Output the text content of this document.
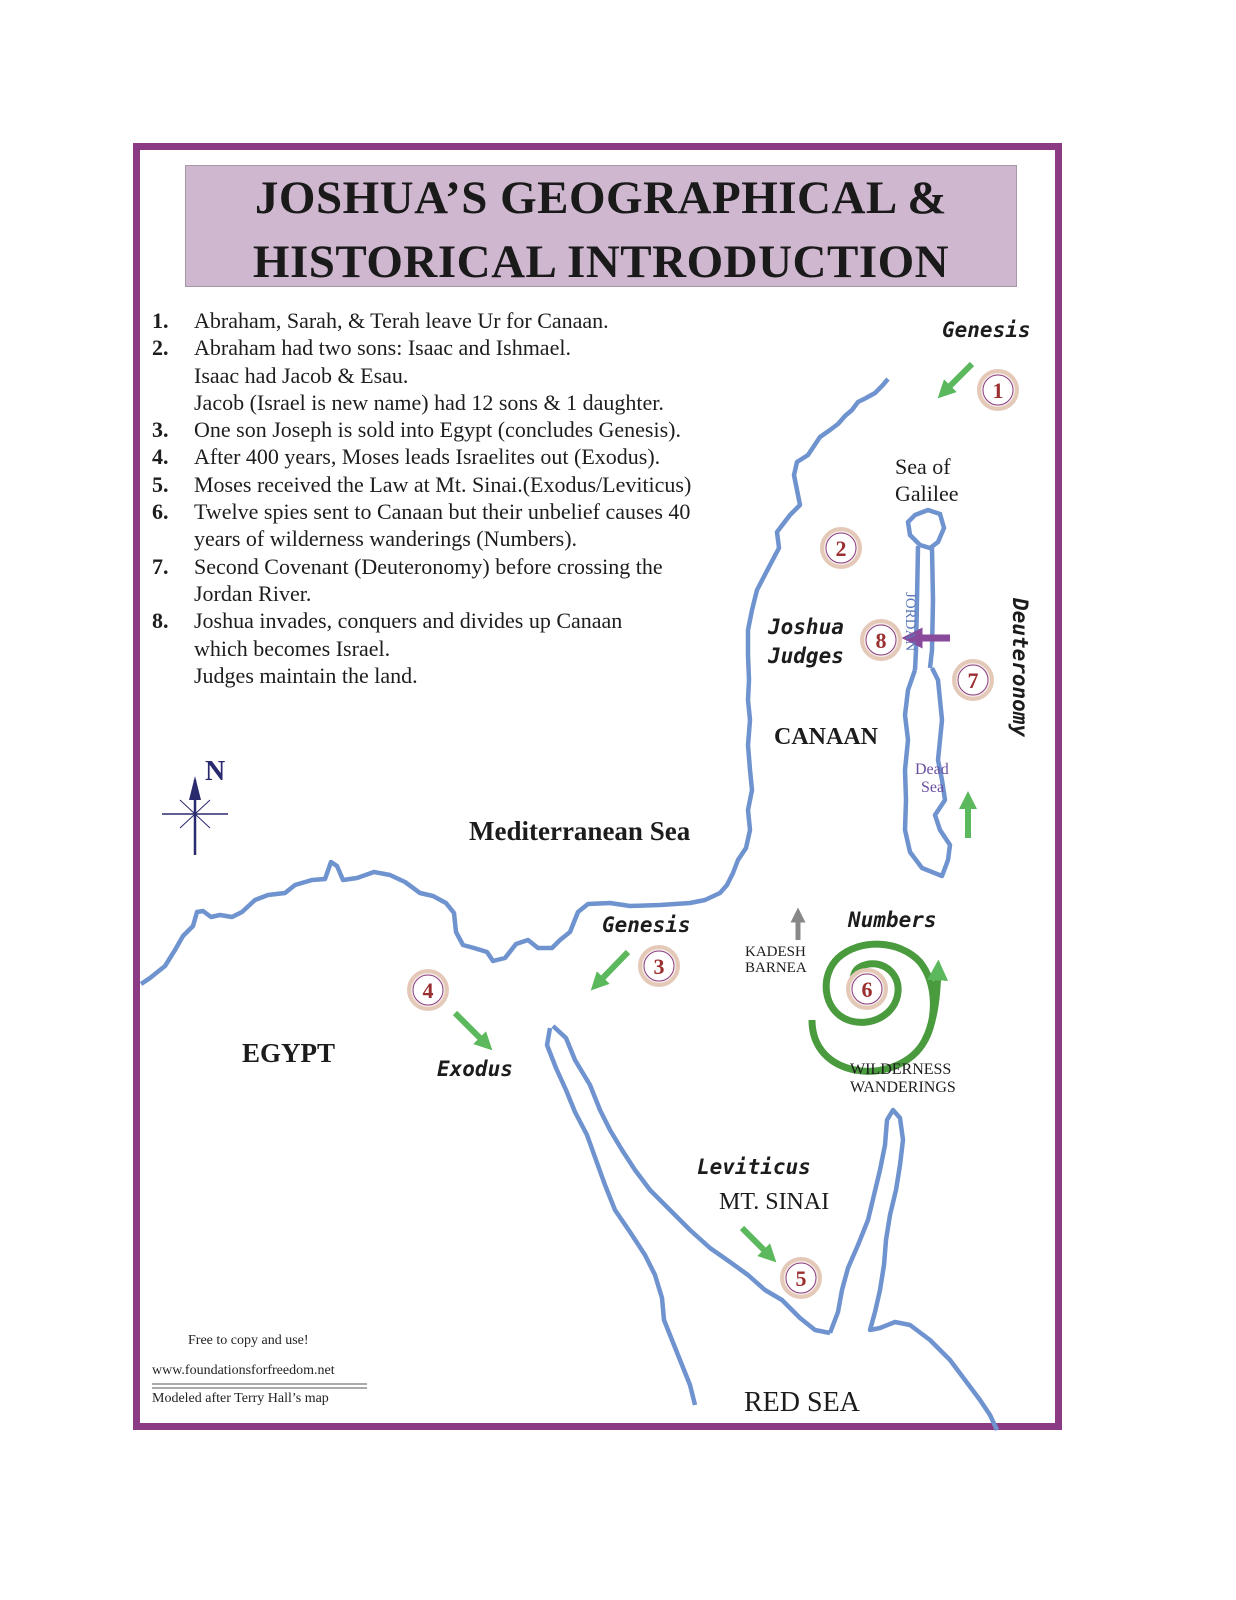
JOSHUA’S GEOGRAPHICAL &
HISTORICAL INTRODUCTION
1. Abraham, Sarah, & Terah leave Ur for Canaan.
2. Abraham had two sons: Isaac and Ishmael.
Isaac had Jacob & Esau.
Jacob (Israel is new name) had 12 sons & 1 daughter.
3. One son Joseph is sold into Egypt (concludes Genesis).
4. After 400 years, Moses leads Israelites out (Exodus).
5. Moses received the Law at Mt. Sinai.(Exodus/Leviticus)
6. Twelve spies sent to Canaan but their unbelief causes 40
years of wilderness wanderings (Numbers).
7. Second Covenant (Deuteronomy) before crossing the
Jordan River.
8. Joshua invades, conquers and divides up Canaan
which becomes Israel.
Judges maintain the land.
1
2
3
4
5
6
7
8
Genesis
Sea of
Galilee
JORDAN
Joshua
Judges	Deuteronomy
CANAAN
Dead
Sea
N
Mediterranean Sea
Genesis	Numbers
KADESH
BARNEA
EGYPT
Exodus	WILDERNESS
WANDERINGS
Leviticus
MT. SINAI
RED SEA
Free to copy and use!
www.foundationsforfreedom.net
Modeled after Terry Hall’s map
